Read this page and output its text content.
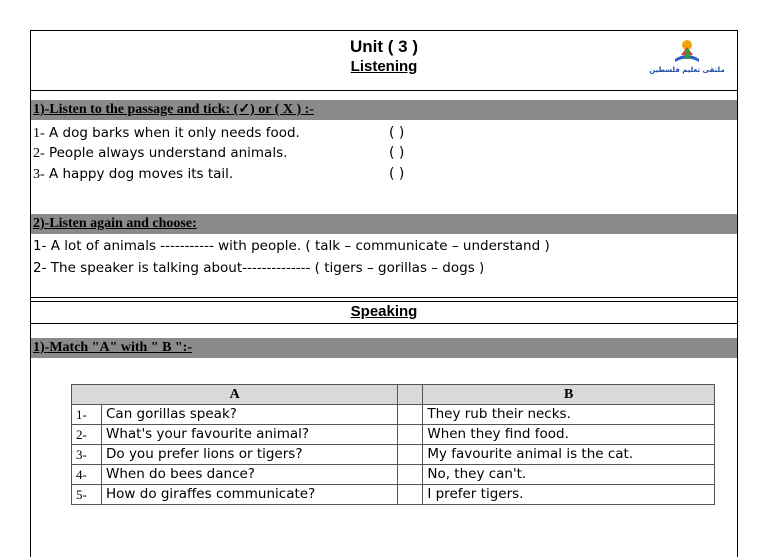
Unit ( 3 )
Listening	ملتقى تعليم فلسطين
1)-Listen to the passage and tick: (✓) or ( X ) :-
1- A dog barks when it only needs food.	( )
2- People always understand animals.	( )
3- A happy dog moves its tail.	( )
2)-Listen again and choose:
1- A lot of animals ----------- with people. ( talk – communicate – understand )
2- The speaker is talking about-------------- ( tigers – gorillas – dogs )
Speaking
1)-Match "A" with " B ":-
A			B
1-	Can gorillas speak?		They rub their necks.
2-	What's your favourite animal?		When they find food.
3-	Do you prefer lions or tigers?		My favourite animal is the cat.
4-	When do bees dance?		No, they can't.
5-	How do giraffes communicate?		I prefer tigers.
